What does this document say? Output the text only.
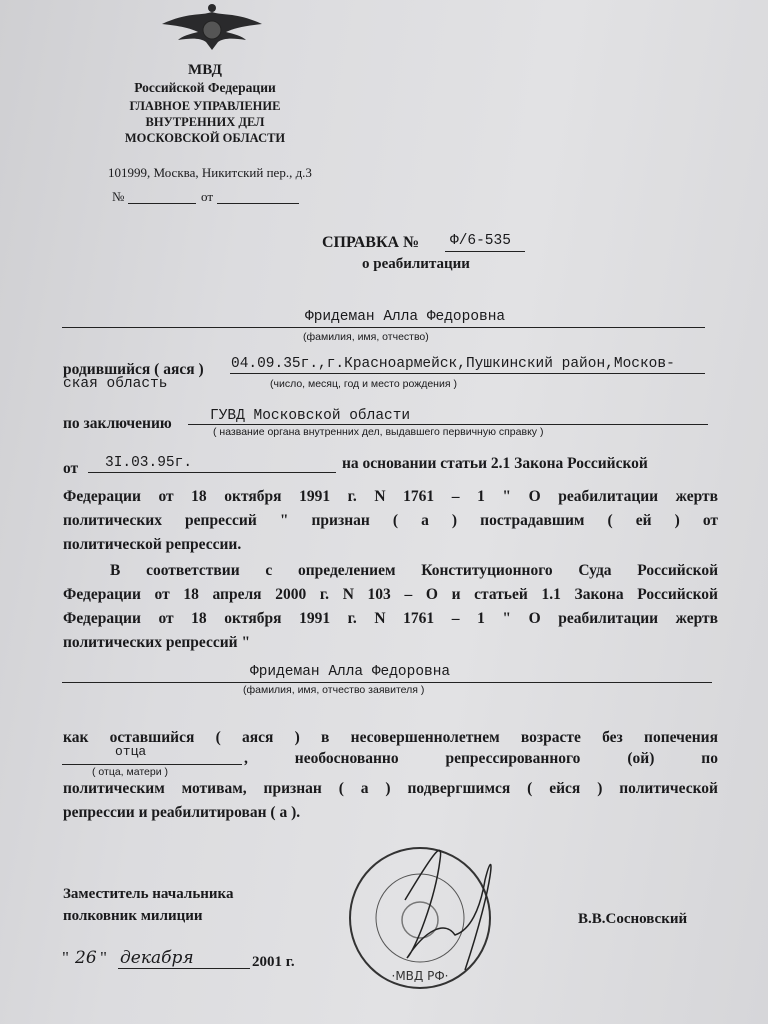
МВД
Российской Федерации
ГЛАВНОЕ УПРАВЛЕНИЕ
ВНУТРЕННИХ ДЕЛ
МОСКОВСКОЙ ОБЛАСТИ
101999, Москва, Никитский пер., д.3
№	от
СПРАВКА № Ф/6-535
о реабилитации
Фридеман Алла Федоровна
(фамилия, имя, отчество)
родившийся ( аяся ) 04.09.35г.,г.Красноармейск,Пушкинский район,Москов-
ская область	(число, месяц, год и место рождения )
по заключению	ГУВД Московской области
( название органа внутренних дел, выдавшего первичную справку )
от 3I.03.95г.	на основании статьи 2.1 Закона Российской
Федерации от 18 октября 1991 г. N 1761 – 1 " О реабилитации жертв
политических репрессий " признан ( а ) пострадавшим ( ей ) от
политической репрессии.
В соответствии с определением Конституционного Суда Российской
Федерации от 18 апреля 2000 г. N 103 – О и статьей 1.1 Закона Российской
Федерации от 18 октября 1991 г. N 1761 – 1 " О реабилитации жертв
политических репрессий "
Фридеман Алла Федоровна
(фамилия, имя, отчество заявителя )
как оставшийся ( аяся ) в несовершеннолетнем возрасте без попечения
отца
( отца, матери )
, необоснованно репрессированного (ой) по
политическим мотивам, признан ( а ) подвергшимся ( ейся ) политической
репрессии и реабилитирован ( а ).
Заместитель начальника
полковник милиции	В.В.Сосновский
·МВД РФ·
" 26 " декабря	2001 г.
